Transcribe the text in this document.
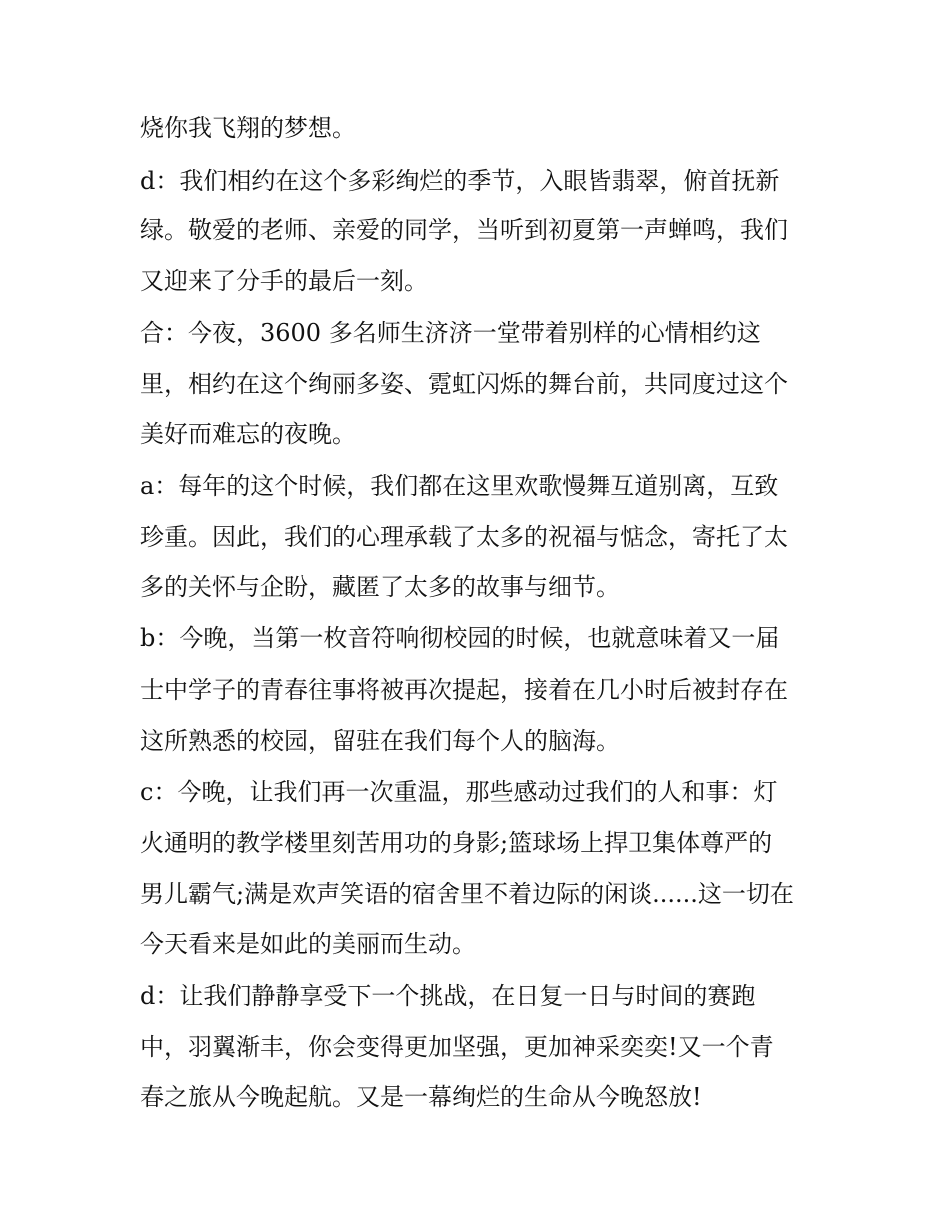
烧你我飞翔的梦想。
d：我们相约在这个多彩绚烂的季节，入眼皆翡翠，俯首抚新
绿。敬爱的老师、亲爱的同学，当听到初夏第一声蝉鸣，我们
又迎来了分手的最后一刻。
合：今夜，3600 多名师生济济一堂带着别样的心情相约这
里，相约在这个绚丽多姿、霓虹闪烁的舞台前，共同度过这个
美好而难忘的夜晚。
a：每年的这个时候，我们都在这里欢歌慢舞互道别离，互致
珍重。因此，我们的心理承载了太多的祝福与惦念，寄托了太
多的关怀与企盼，藏匿了太多的故事与细节。
b：今晚，当第一枚音符响彻校园的时候，也就意味着又一届
士中学子的青春往事将被再次提起，接着在几小时后被封存在
这所熟悉的校园，留驻在我们每个人的脑海。
c：今晚，让我们再一次重温，那些感动过我们的人和事：灯
火通明的教学楼里刻苦用功的身影;篮球场上捍卫集体尊严的
男儿霸气;满是欢声笑语的宿舍里不着边际的闲谈......这一切在
今天看来是如此的美丽而生动。
d：让我们静静享受下一个挑战，在日复一日与时间的赛跑
中，羽翼渐丰，你会变得更加坚强，更加神采奕奕!又一个青
春之旅从今晚起航。又是一幕绚烂的生命从今晚怒放!
